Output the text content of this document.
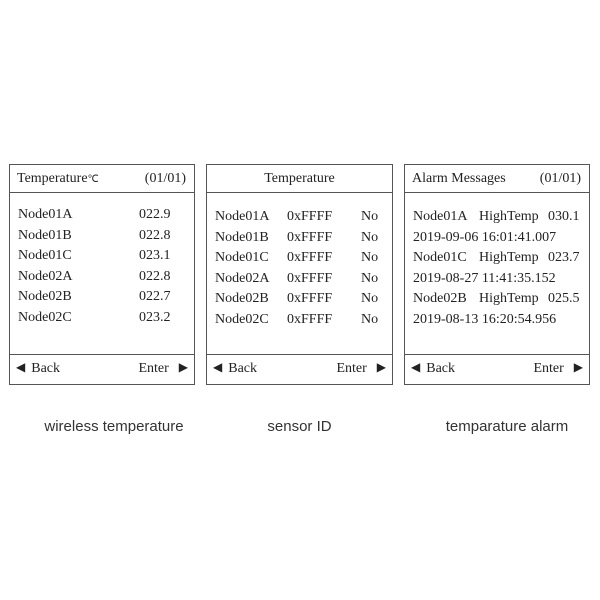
Temperature℃	(01/01)
Node01A	022.9
Node01B	022.8
Node01C	023.1
Node02A	022.8
Node02B	022.7
Node02C	023.2
◀ Back	Enter ▶
Temperature
Node01A 0xFFFF No
Node01B 0xFFFF No
Node01C 0xFFFF No
Node02A 0xFFFF No
Node02B 0xFFFF No
Node02C 0xFFFF No
◀ Back	Enter ▶
Alarm Messages (01/01)
Node01A HighTemp 030.1
2019-09-06 16:01:41.007
Node01C HighTemp 023.7
2019-08-27 11:41:35.152
Node02B HighTemp 025.5
2019-08-13 16:20:54.956
◀ Back	Enter ▶
wireless temperature	sensor ID	temparature alarm
